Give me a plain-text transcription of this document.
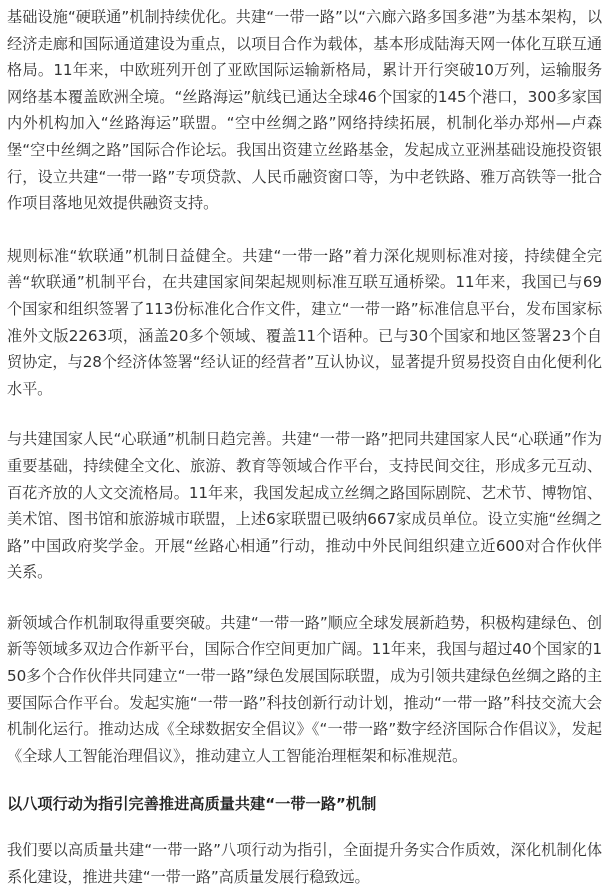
基础设施“硬联通”机制持续优化。共建“一带一路”以“六廊六路多国多港”为基本架构，以经济走廊和国际通道建设为重点，以项目合作为载体，基本形成陆海天网一体化互联互通格局。11年来，中欧班列开创了亚欧国际运输新格局，累计开行突破10万列，运输服务网络基本覆盖欧洲全境。“丝路海运”航线已通达全球46个国家的145个港口，300多家国内外机构加入“丝路海运”联盟。“空中丝绸之路”网络持续拓展，机制化举办郑州—卢森堡“空中丝绸之路”国际合作论坛。我国出资建立丝路基金，发起成立亚洲基础设施投资银行，设立共建“一带一路”专项贷款、人民币融资窗口等，为中老铁路、雅万高铁等一批合作项目落地见效提供融资支持。

规则标准“软联通”机制日益健全。共建“一带一路”着力深化规则标准对接，持续健全完善“软联通”机制平台，在共建国家间架起规则标准互联互通桥梁。11年来，我国已与69个国家和组织签署了113份标准化合作文件，建立“一带一路”标准信息平台，发布国家标准外文版2263项，涵盖20多个领域、覆盖11个语种。已与30个国家和地区签署23个自贸协定，与28个经济体签署“经认证的经营者”互认协议，显著提升贸易投资自由化便利化水平。

与共建国家人民“心联通”机制日趋完善。共建“一带一路”把同共建国家人民“心联通”作为重要基础，持续健全文化、旅游、教育等领域合作平台，支持民间交往，形成多元互动、百花齐放的人文交流格局。11年来，我国发起成立丝绸之路国际剧院、艺术节、博物馆、美术馆、图书馆和旅游城市联盟，上述6家联盟已吸纳667家成员单位。设立实施“丝绸之路”中国政府奖学金。开展“丝路心相通”行动，推动中外民间组织建立近600对合作伙伴关系。

新领域合作机制取得重要突破。共建“一带一路”顺应全球发展新趋势，积极构建绿色、创新等领域多双边合作新平台，国际合作空间更加广阔。11年来，我国与超过40个国家的150多个合作伙伴共同建立“一带一路”绿色发展国际联盟，成为引领共建绿色丝绸之路的主要国际合作平台。发起实施“一带一路”科技创新行动计划，推动“一带一路”科技交流大会机制化运行。推动达成《全球数据安全倡议》《“一带一路”数字经济国际合作倡议》，发起《全球人工智能治理倡议》，推动建立人工智能治理框架和标准规范。

以八项行动为指引完善推进高质量共建“一带一路”机制

我们要以高质量共建“一带一路”八项行动为指引，全面提升务实合作质效，深化机制化体系化建设，推进共建“一带一路”高质量发展行稳致远。
